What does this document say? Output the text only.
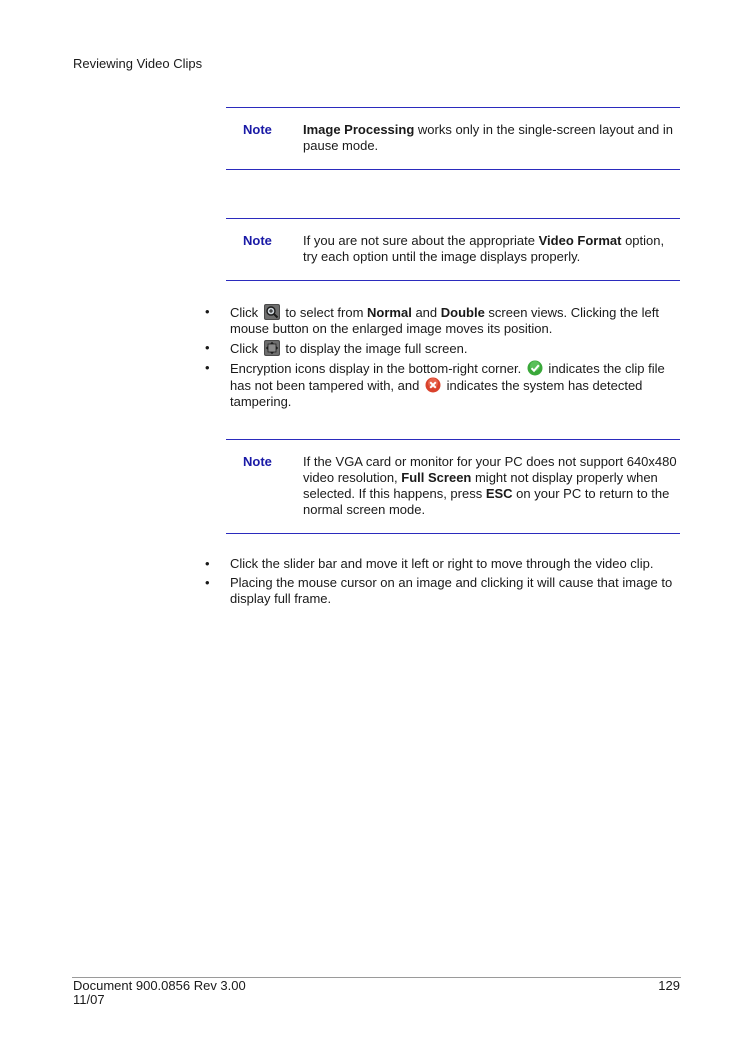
Reviewing Video Clips
Note Image Processing works only in the single-screen layout and in pause mode.
Note If you are not sure about the appropriate Video Format option, try each option until the image displays properly.
• Click  to select from Normal and Double screen views. Clicking the left mouse button on the enlarged image moves its position.
• Click  to display the image full screen.
• Encryption icons display in the bottom-right corner.  indicates the clip file has not been tampered with, and  indicates the system has detected tampering.
Note If the VGA card or monitor for your PC does not support 640x480 video resolution, Full Screen might not display properly when selected. If this happens, press ESC on your PC to return to the normal screen mode.
• Click the slider bar and move it left or right to move through the video clip.
• Placing the mouse cursor on an image and clicking it will cause that image to display full frame.
Document 900.0856 Rev 3.00
11/07
129
